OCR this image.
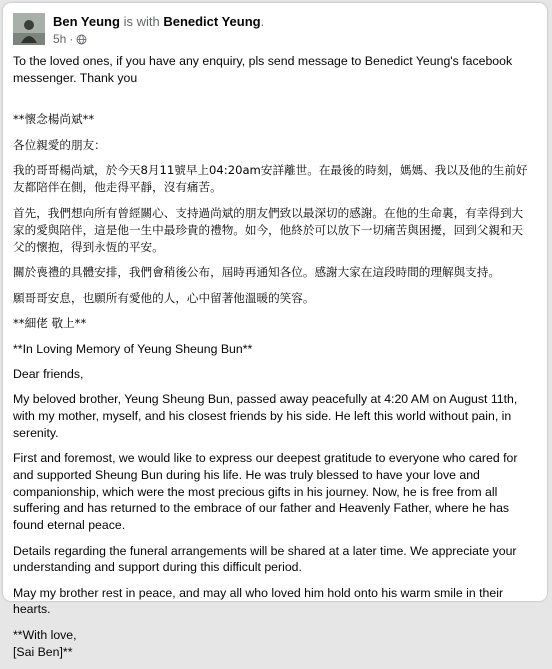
Ben Yeung is with Benedict Yeung.
5h ·

To the loved ones, if you have any enquiry, pls send message to Benedict Yeung's facebook messenger. Thank you

**懷念楊尚斌**

各位親愛的朋友：

我的哥哥楊尚斌，於今天8月11號早上04:20am安詳離世。在最後的時刻，媽媽、我以及他的生前好友都陪伴在側，他走得平靜，沒有痛苦。

首先，我們想向所有曾經關心、支持過尚斌的朋友們致以最深切的感謝。在他的生命裏，有幸得到大家的愛與陪伴，這是他一生中最珍貴的禮物。如今，他終於可以放下一切痛苦與困擾，回到父親和天父的懷抱，得到永恆的平安。

關於喪禮的具體安排，我們會稍後公布，屆時再通知各位。感謝大家在這段時間的理解與支持。

願哥哥安息，也願所有愛他的人，心中留著他溫暖的笑容。

**細佬 敬上**

**In Loving Memory of Yeung Sheung Bun**

Dear friends,

My beloved brother, Yeung Sheung Bun, passed away peacefully at 4:20 AM on August 11th, with my mother, myself, and his closest friends by his side. He left this world without pain, in serenity.

First and foremost, we would like to express our deepest gratitude to everyone who cared for and supported Sheung Bun during his life. He was truly blessed to have your love and companionship, which were the most precious gifts in his journey. Now, he is free from all suffering and has returned to the embrace of our father and Heavenly Father, where he has found eternal peace.

Details regarding the funeral arrangements will be shared at a later time. We appreciate your understanding and support during this difficult period.

May my brother rest in peace, and may all who loved him hold onto his warm smile in their hearts.

**With love,
[Sai Ben]**
